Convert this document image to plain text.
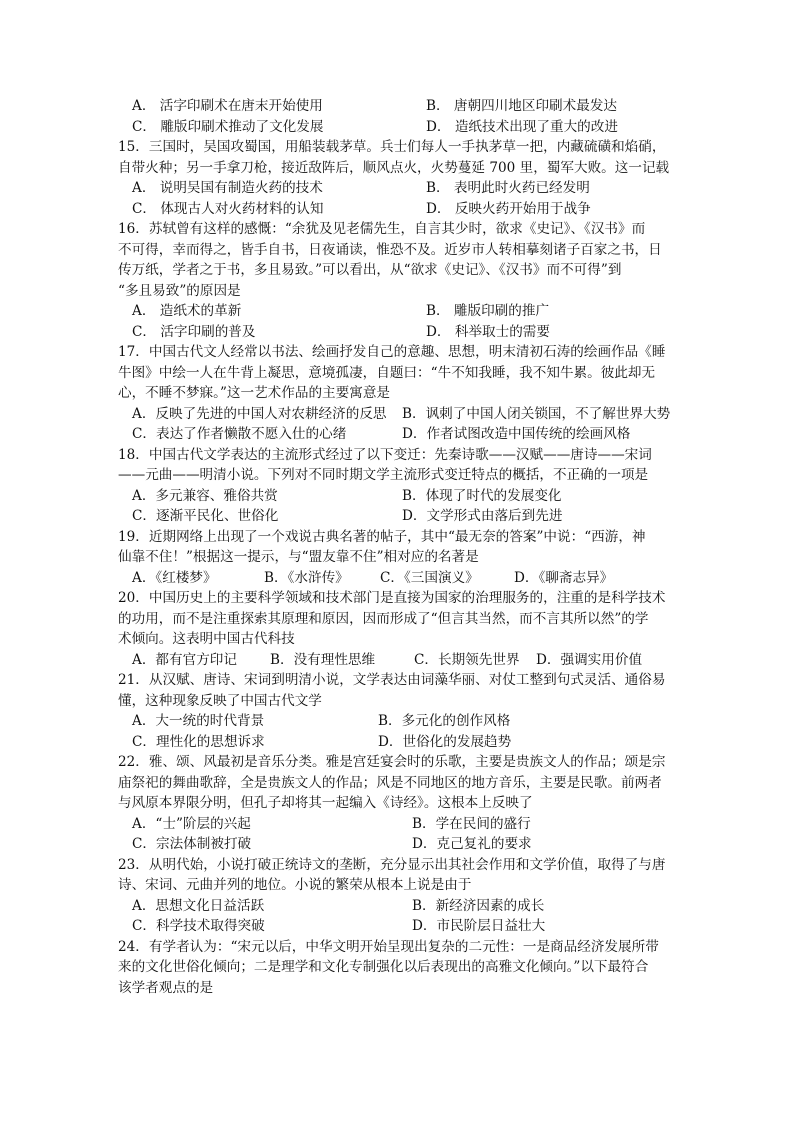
A． 活字印刷术在唐末开始使用	B． 唐朝四川地区印刷术最发达
C． 雕版印刷术推动了文化发展	D． 造纸技术出现了重大的改进
15．三国时，吴国攻蜀国，用船装载茅草。兵士们每人一手执茅草一把，内藏硫磺和焰硝，
自带火种；另一手拿刀枪，接近敌阵后，顺风点火，火势蔓延 700 里，蜀军大败。这一记载
A． 说明吴国有制造火药的技术	B． 表明此时火药已经发明
C． 体现古人对火药材料的认知	D． 反映火药开始用于战争
16．苏轼曾有这样的感慨：“余犹及见老儒先生，自言其少时，欲求《史记》、《汉书》而
不可得，幸而得之，皆手自书，日夜诵读，惟恐不及。近岁市人转相摹刻诸子百家之书，日
传万纸，学者之于书，多且易致。”可以看出，从“欲求《史记》、《汉书》而不可得”到
“多且易致”的原因是
A． 造纸术的革新	B． 雕版印刷的推广
C． 活字印刷的普及	D． 科举取士的需要
17．中国古代文人经常以书法、绘画抒发自己的意趣、思想，明末清初石涛的绘画作品《睡
牛图》中绘一人在牛背上凝思，意境孤凄，自题曰：“牛不知我睡，我不知牛累。彼此却无
心，不睡不梦寐。”这一艺术作品的主要寓意是
A．反映了先进的中国人对农耕经济的反思 B．讽刺了中国人闭关锁国，不了解世界大势
C．表达了作者懒散不愿入仕的心绪	D．作者试图改造中国传统的绘画风格
18．中国古代文学表达的主流形式经过了以下变迁：先秦诗歌——汉赋——唐诗——宋词
——元曲——明清小说。下列对不同时期文学主流形式变迁特点的概括，不正确的一项是
A．多元兼容、雅俗共赏	B．体现了时代的发展变化
C．逐渐平民化、世俗化	D．文学形式由落后到先进
19．近期网络上出现了一个戏说古典名著的帖子，其中“最无奈的答案”中说：“西游，神
仙靠不住！”根据这一提示，与“盟友靠不住”相对应的名著是
A．《红楼梦》	B．《水浒传》 C．《三国演义》	D．《聊斋志异》
20．中国历史上的主要科学领域和技术部门是直接为国家的治理服务的，注重的是科学技术
的功用，而不是注重探索其原理和原因，因而形成了“但言其当然，而不言其所以然”的学
术倾向。这表明中国古代科技
A．都有官方印记 B．没有理性思维	C．长期领先世界 D．强调实用价值
21．从汉赋、唐诗、宋词到明清小说，文学表达由词藻华丽、对仗工整到句式灵活、通俗易
懂，这种现象反映了中国古代文学
A．大一统的时代背景	B．多元化的创作风格
C．理性化的思想诉求	D．世俗化的发展趋势
22．雅、颂、风最初是音乐分类。雅是宫廷宴会时的乐歌，主要是贵族文人的作品；颂是宗
庙祭祀的舞曲歌辞，全是贵族文人的作品；风是不同地区的地方音乐，主要是民歌。前两者
与风原本界限分明，但孔子却将其一起编入《诗经》。这根本上反映了
A．“士”阶层的兴起	B．学在民间的盛行
C．宗法体制被打破	D．克己复礼的要求
23．从明代始，小说打破正统诗文的垄断，充分显示出其社会作用和文学价值，取得了与唐
诗、宋词、元曲并列的地位。小说的繁荣从根本上说是由于
A．思想文化日益活跃	B．新经济因素的成长
C．科学技术取得突破	D．市民阶层日益壮大
24．有学者认为：“宋元以后，中华文明开始呈现出复杂的二元性：一是商品经济发展所带
来的文化世俗化倾向；二是理学和文化专制强化以后表现出的高雅文化倾向。”以下最符合
该学者观点的是
